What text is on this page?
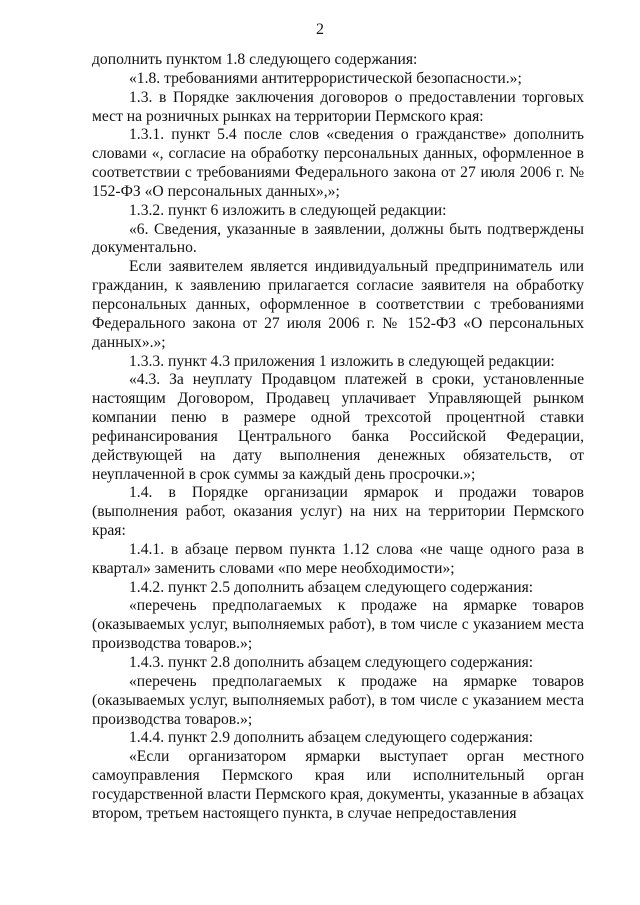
2

дополнить пунктом 1.8 следующего содержания:

«1.8. требованиями антитеррористической безопасности.»;

1.3. в Порядке заключения договоров о предоставлении торговых мест на розничных рынках на территории Пермского края:

1.3.1. пункт 5.4 после слов «сведения о гражданстве» дополнить словами «, согласие на обработку персональных данных, оформленное в соответствии с требованиями Федерального закона от 27 июля 2006 г. № 152-ФЗ «О персональных данных»,»;

1.3.2. пункт 6 изложить в следующей редакции:

«6. Сведения, указанные в заявлении, должны быть подтверждены документально.

Если заявителем является индивидуальный предприниматель или гражданин, к заявлению прилагается согласие заявителя на обработку персональных данных, оформленное в соответствии с требованиями Федерального закона от 27 июля 2006 г. № 152-ФЗ «О персональных данных».»;

1.3.3. пункт 4.3 приложения 1 изложить в следующей редакции:

«4.3. За неуплату Продавцом платежей в сроки, установленные настоящим Договором, Продавец уплачивает Управляющей рынком компании пеню в размере одной трехсотой процентной ставки рефинансирования Центрального банка Российской Федерации, действующей на дату выполнения денежных обязательств, от неуплаченной в срок суммы за каждый день просрочки.»;

1.4. в Порядке организации ярмарок и продажи товаров (выполнения работ, оказания услуг) на них на территории Пермского края:

1.4.1. в абзаце первом пункта 1.12 слова «не чаще одного раза в квартал» заменить словами «по мере необходимости»;

1.4.2. пункт 2.5 дополнить абзацем следующего содержания:

«перечень предполагаемых к продаже на ярмарке товаров (оказываемых услуг, выполняемых работ), в том числе с указанием места производства товаров.»;

1.4.3. пункт 2.8 дополнить абзацем следующего содержания:

«перечень предполагаемых к продаже на ярмарке товаров (оказываемых услуг, выполняемых работ), в том числе с указанием места производства товаров.»;

1.4.4. пункт 2.9 дополнить абзацем следующего содержания:

«Если организатором ярмарки выступает орган местного самоуправления Пермского края или исполнительный орган государственной власти Пермского края, документы, указанные в абзацах втором, третьем настоящего пункта, в случае непредоставления
